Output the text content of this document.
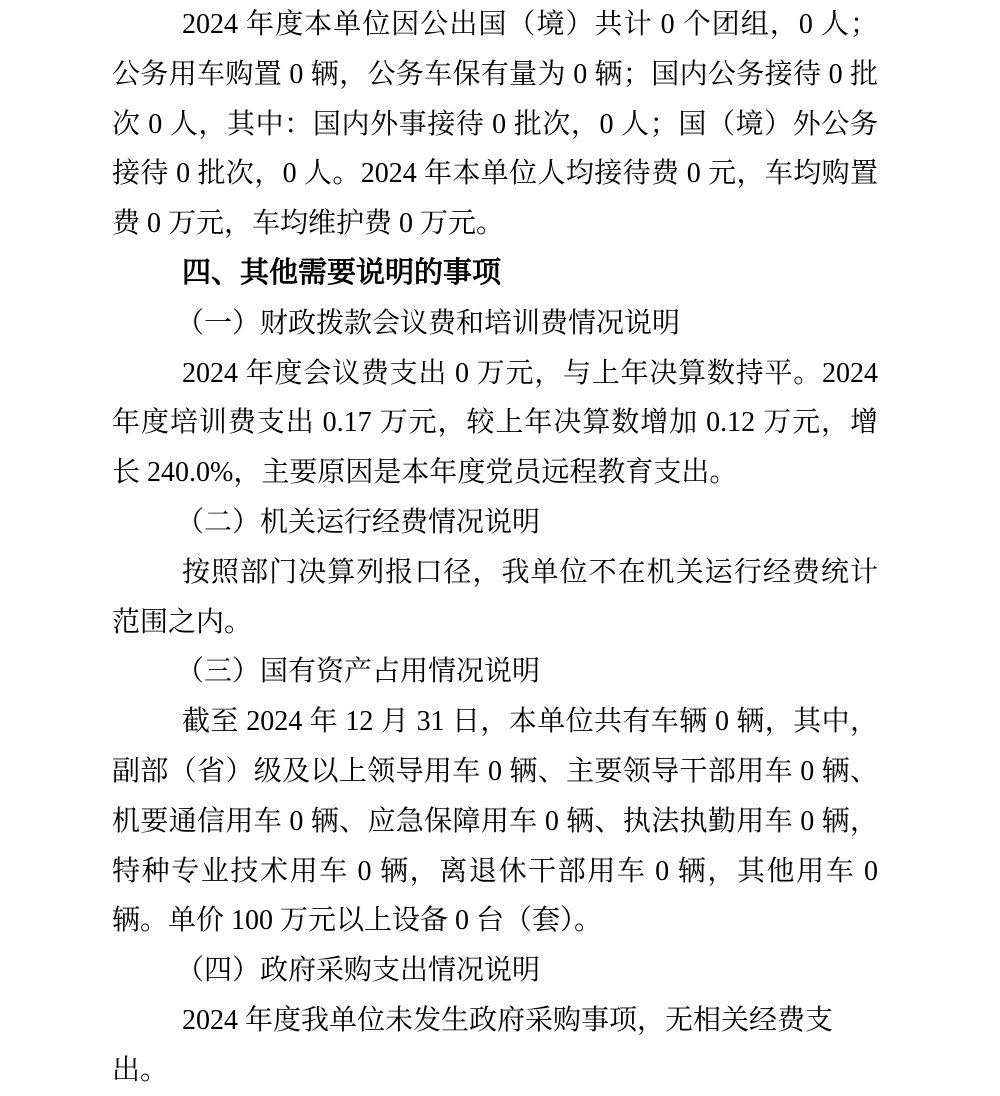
2024 年度本单位因公出国（境）共计 0 个团组，0 人；公务用车购置 0 辆，公务车保有量为 0 辆；国内公务接待 0 批次 0 人，其中：国内外事接待 0 批次，0 人；国（境）外公务接待 0 批次，0 人。2024 年本单位人均接待费 0 元，车均购置费 0 万元，车均维护费 0 万元。

四、其他需要说明的事项
（一）财政拨款会议费和培训费情况说明

2024 年度会议费支出 0 万元，与上年决算数持平。2024 年度培训费支出 0.17 万元，较上年决算数增加 0.12 万元，增长 240.0%，主要原因是本年度党员远程教育支出。

（二）机关运行经费情况说明

按照部门决算列报口径，我单位不在机关运行经费统计范围之内。

（三）国有资产占用情况说明

截至 2024 年 12 月 31 日，本单位共有车辆 0 辆，其中，副部（省）级及以上领导用车 0 辆、主要领导干部用车 0 辆、机要通信用车 0 辆、应急保障用车 0 辆、执法执勤用车 0 辆，特种专业技术用车 0 辆，离退休干部用车 0 辆，其他用车 0 辆。单价 100 万元以上设备 0 台（套）。

（四）政府采购支出情况说明

2024 年度我单位未发生政府采购事项，无相关经费支出。
